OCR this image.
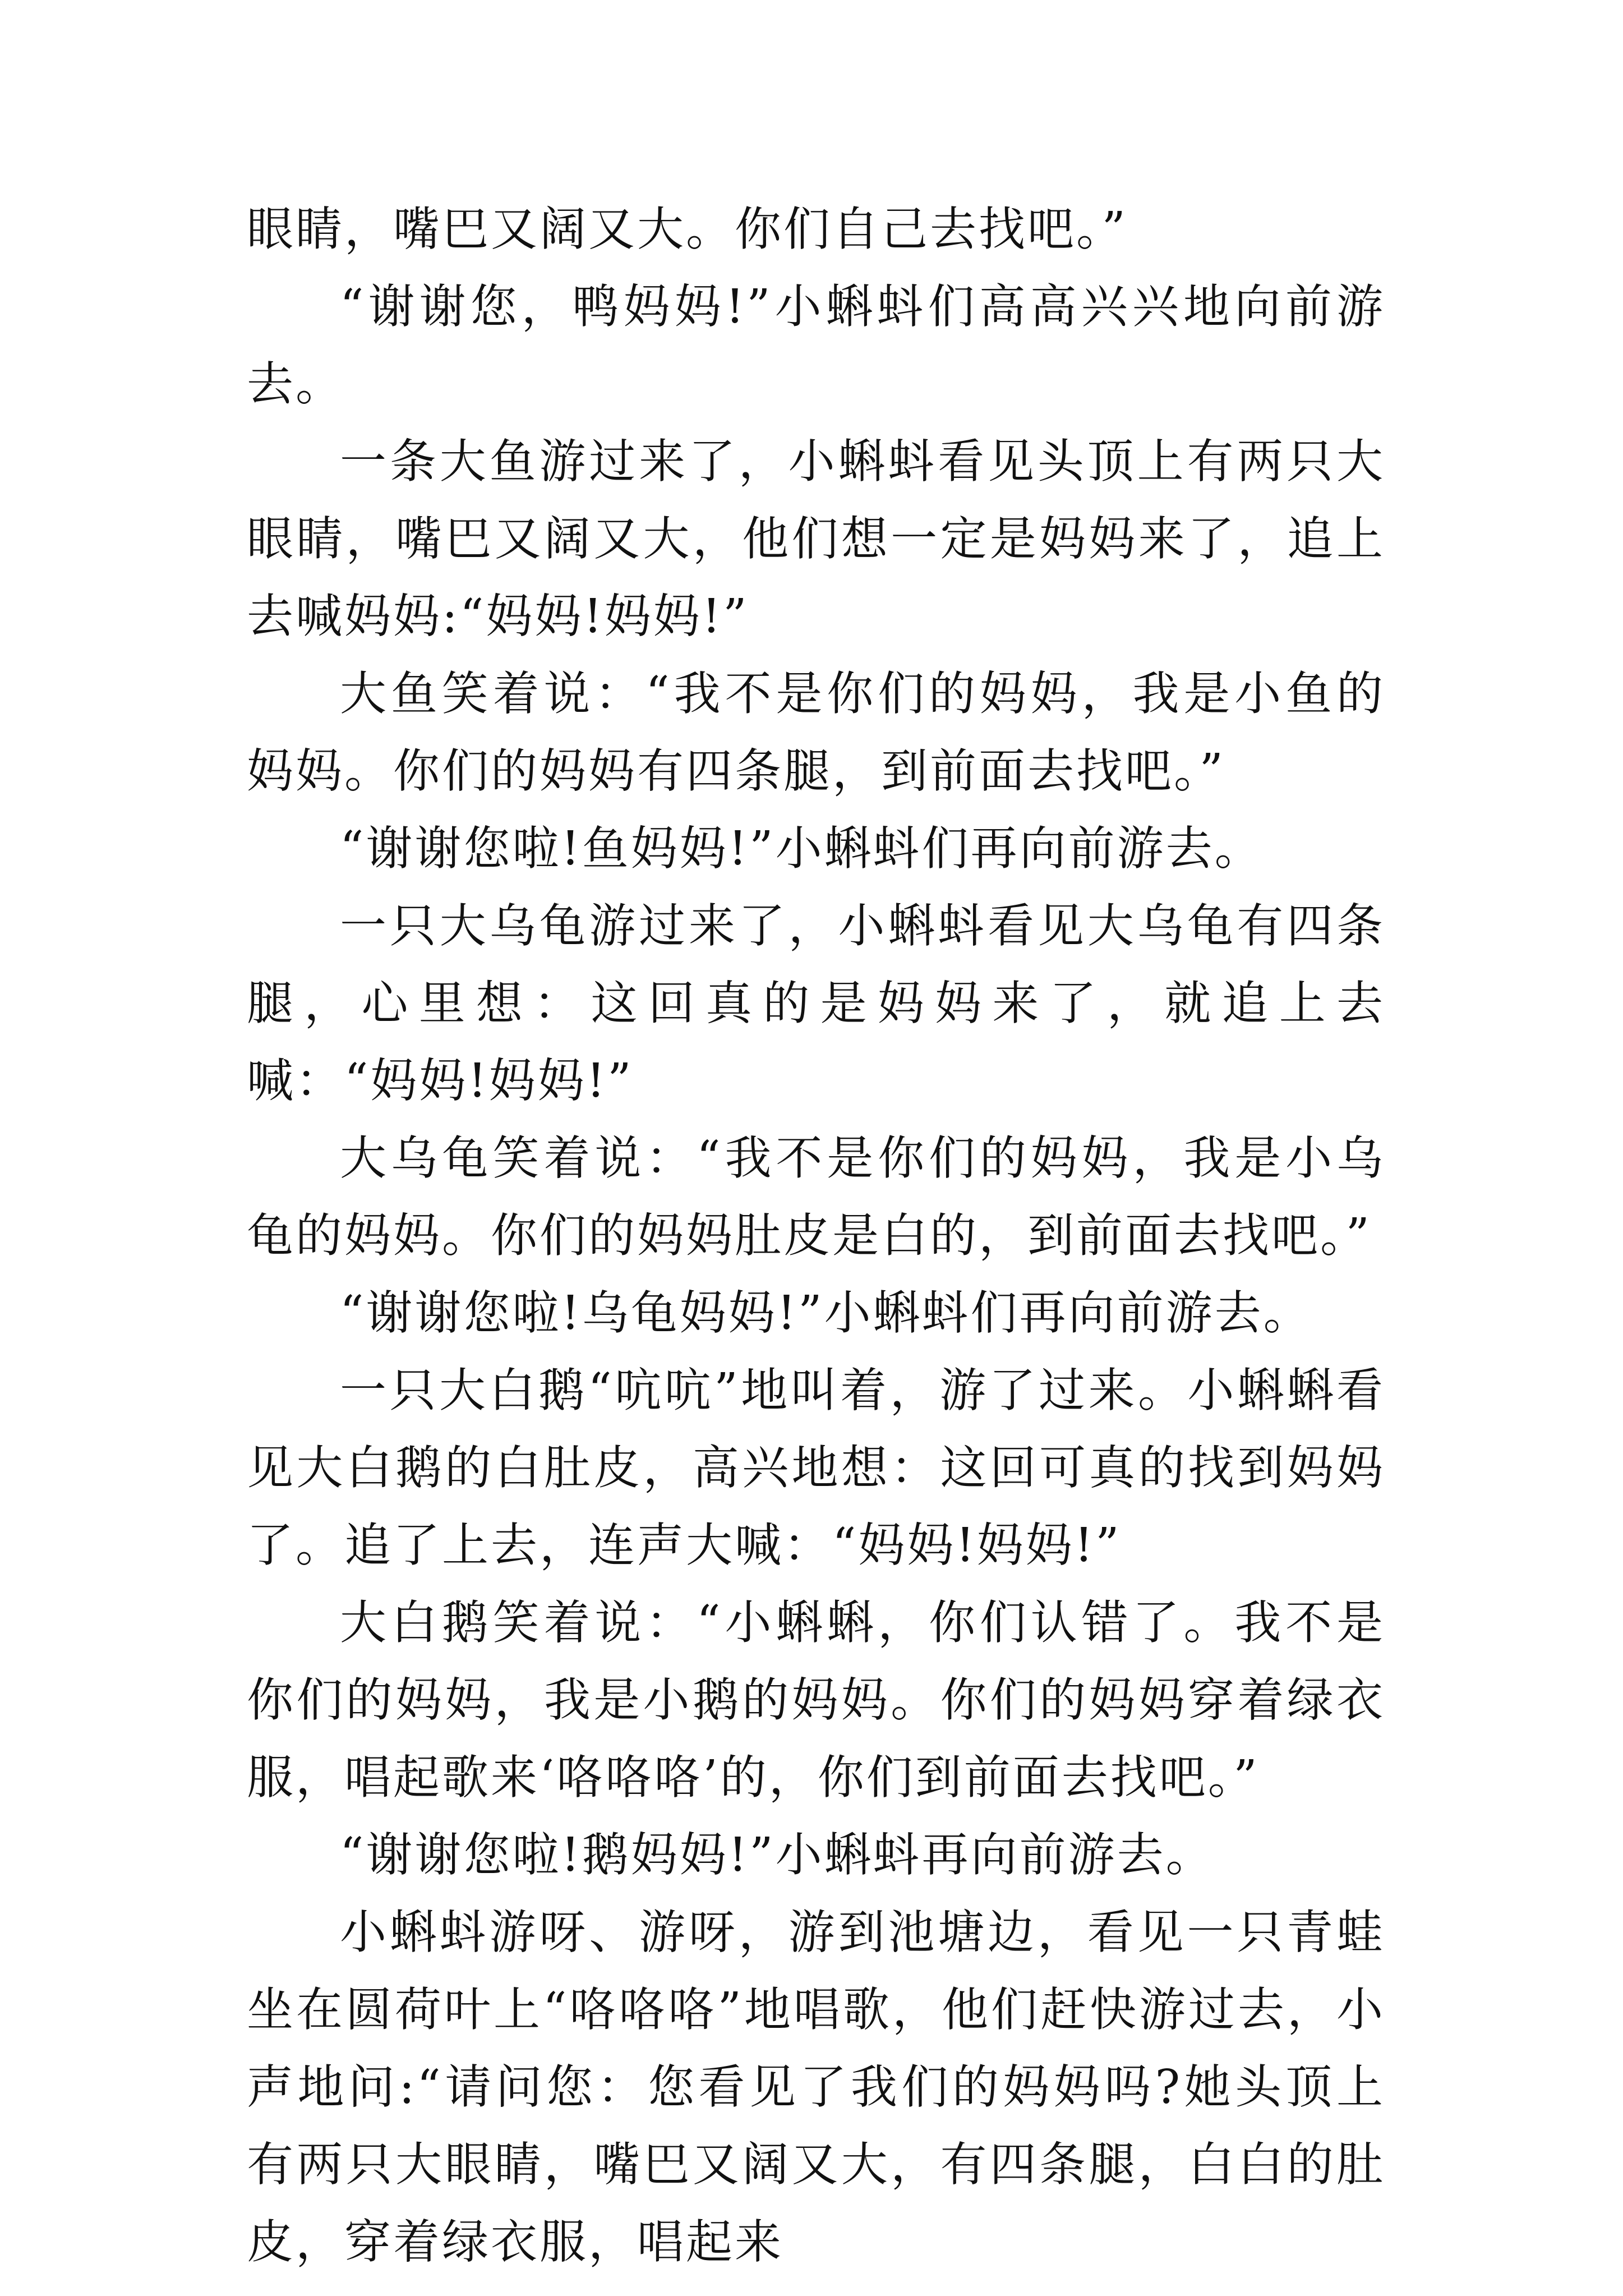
眼睛，嘴巴又阔又大。你们自己去找吧。”

“谢谢您，鸭妈妈!”小蝌蚪们高高兴兴地向前游去。

一条大鱼游过来了，小蝌蚪看见头顶上有两只大眼睛，嘴巴又阔又大，他们想一定是妈妈来了，追上去喊妈妈:“妈妈!妈妈!”

大鱼笑着说：“我不是你们的妈妈，我是小鱼的妈妈。你们的妈妈有四条腿，到前面去找吧。”

“谢谢您啦!鱼妈妈!”小蝌蚪们再向前游去。

一只大乌龟游过来了，小蝌蚪看见大乌龟有四条腿，心里想：这回真的是妈妈来了，就追上去喊：“妈妈!妈妈!”

大乌龟笑着说：“我不是你们的妈妈，我是小乌龟的妈妈。你们的妈妈肚皮是白的，到前面去找吧。”

“谢谢您啦!乌龟妈妈!”小蝌蚪们再向前游去。

一只大白鹅“吭吭”地叫着，游了过来。小蝌蝌看见大白鹅的白肚皮，高兴地想：这回可真的找到妈妈了。追了上去，连声大喊：“妈妈!妈妈!”

大白鹅笑着说：“小蝌蝌，你们认错了。我不是你们的妈妈，我是小鹅的妈妈。你们的妈妈穿着绿衣服，唱起歌来‘咯咯咯’的，你们到前面去找吧。”

“谢谢您啦!鹅妈妈!”小蝌蚪再向前游去。

小蝌蚪游呀、游呀，游到池塘边，看见一只青蛙坐在圆荷叶上“咯咯咯”地唱歌，他们赶快游过去，小声地问:“请问您：您看见了我们的妈妈吗?她头顶上有两只大眼睛，嘴巴又阔又大，有四条腿，白白的肚皮，穿着绿衣服，唱起来
